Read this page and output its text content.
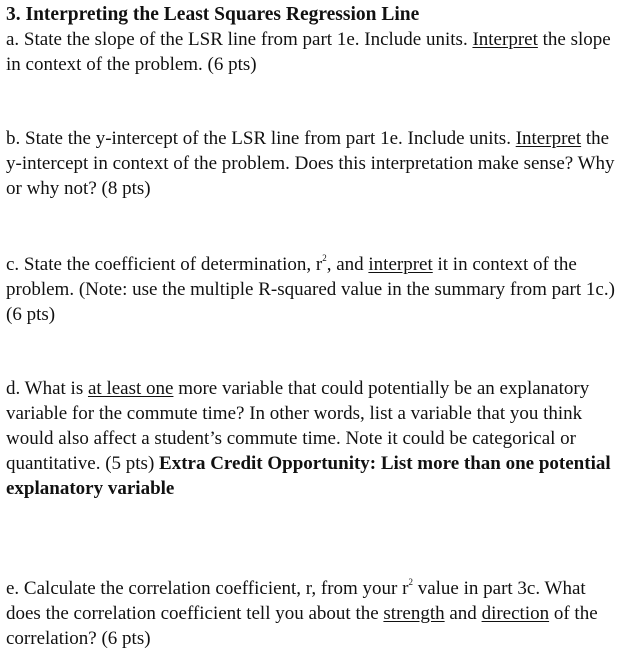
3. Interpreting the Least Squares Regression Line
a. State the slope of the LSR line from part 1e. Include units. Interpret the slope in context of the problem. (6 pts)
b. State the y-intercept of the LSR line from part 1e. Include units. Interpret the y-intercept in context of the problem. Does this interpretation make sense? Why or why not? (8 pts)
c. State the coefficient of determination, $r^2$, and interpret it in context of the problem. (Note: use the multiple R-squared value in the summary from part 1c.) (6 pts)
d. What is at least one more variable that could potentially be an explanatory variable for the commute time? In other words, list a variable that you think would also affect a student’s commute time. Note it could be categorical or quantitative. (5 pts) Extra Credit Opportunity: List more than one potential explanatory variable
e. Calculate the correlation coefficient, r, from your $r^2$ value in part 3c. What does the correlation coefficient tell you about the strength and direction of the correlation? (6 pts)
